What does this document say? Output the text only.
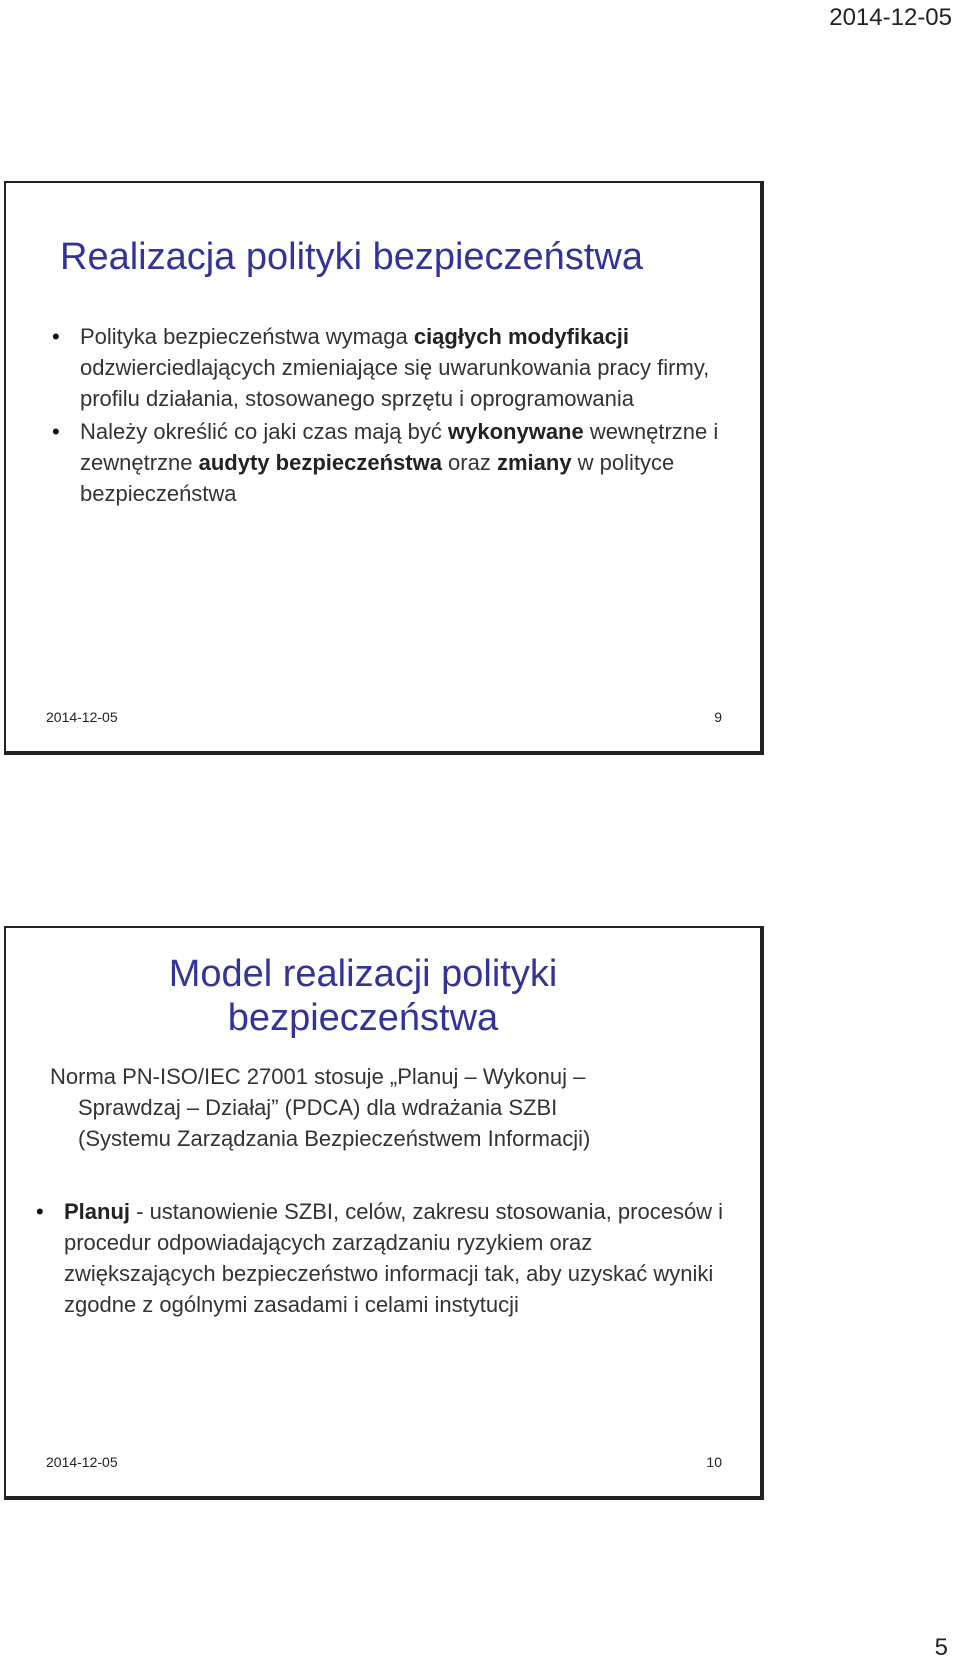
2014-12-05
Realizacja polityki bezpieczeństwa
• Polityka bezpieczeństwa wymaga ciągłych modyfikacji odzwierciedlających zmieniające się uwarunkowania pracy firmy, profilu działania, stosowanego sprzętu i oprogramowania
• Należy określić co jaki czas mają być wykonywane wewnętrzne i zewnętrzne audyty bezpieczeństwa oraz zmiany w polityce bezpieczeństwa
2014-12-05	9
Model realizacji polityki
bezpieczeństwa

Norma PN-ISO/IEC 27001 stosuje „Planuj – Wykonuj –

Sprawdzaj – Działaj” (PDCA) dla wdrażania SZBI
(Systemu Zarządzania Bezpieczeństwem Informacji)

• Planuj - ustanowienie SZBI, celów, zakresu stosowania, procesów i procedur odpowiadających zarządzaniu ryzykiem oraz zwiększających bezpieczeństwo informacji tak, aby uzyskać wyniki zgodne z ogólnymi zasadami i celami instytucji
2014-12-05	10
5
